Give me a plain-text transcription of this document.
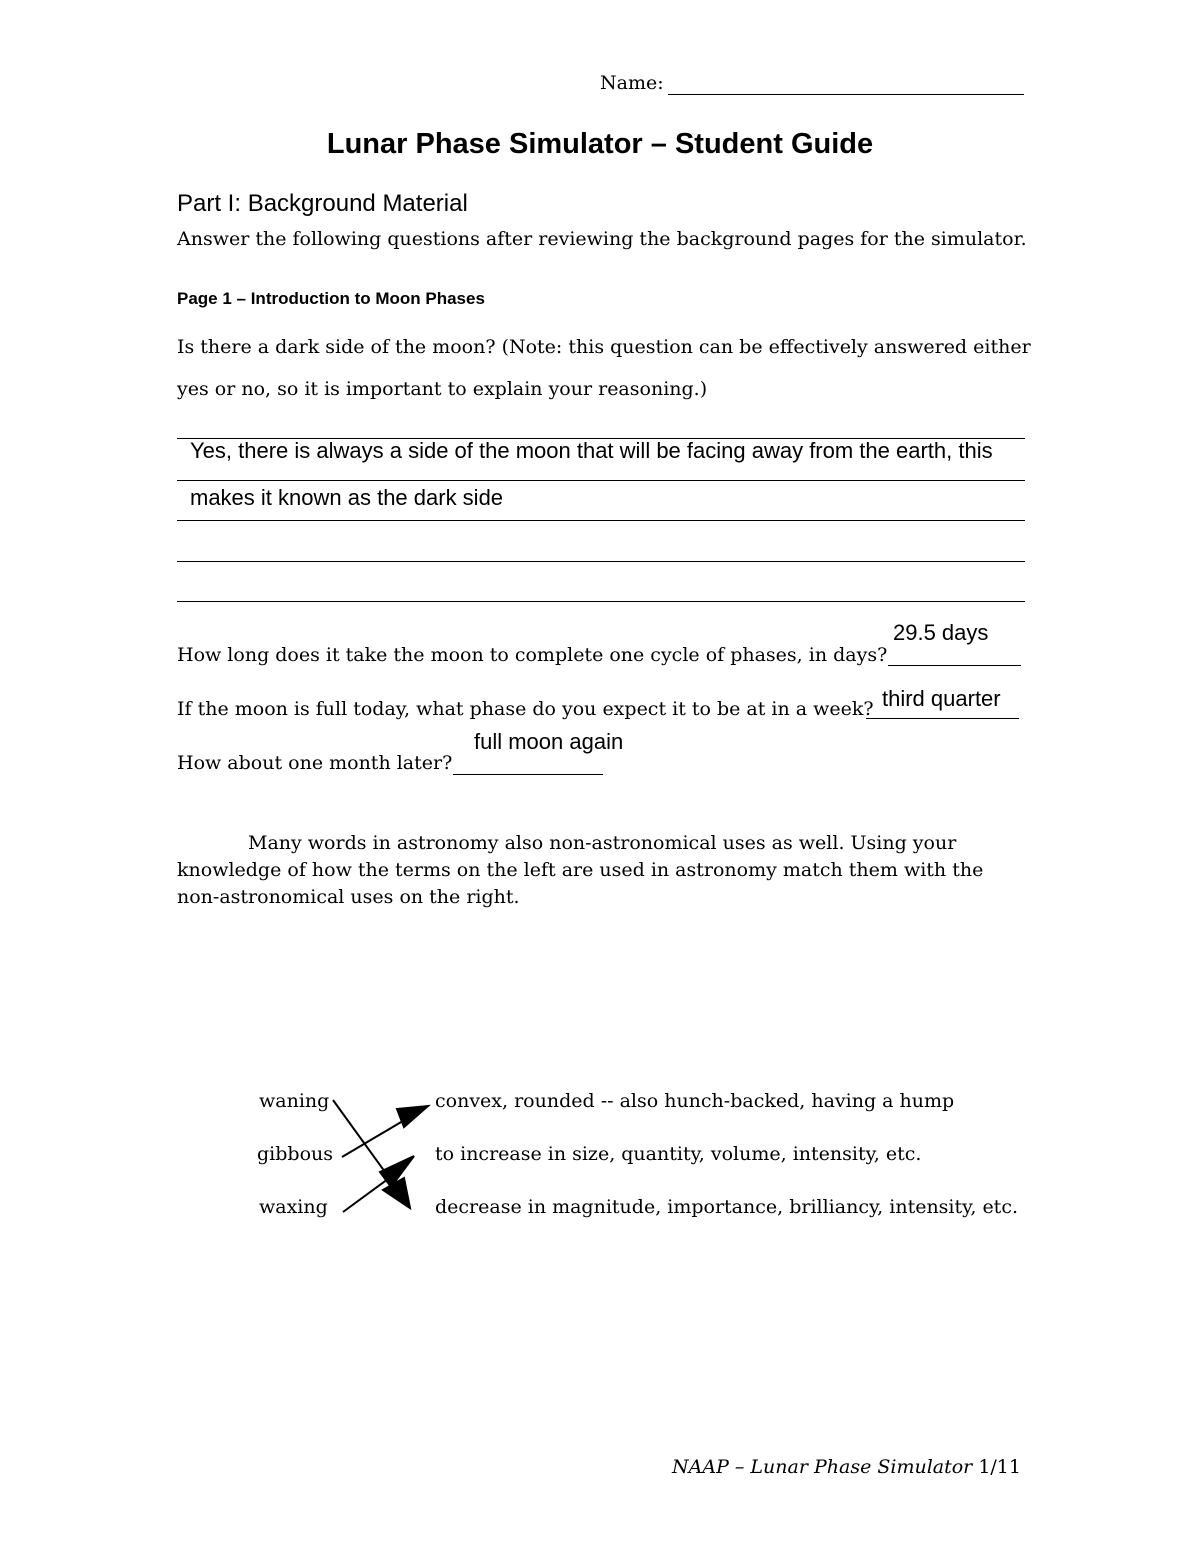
Name:
Lunar Phase Simulator – Student Guide
Part I: Background Material
Answer the following questions after reviewing the background pages for the simulator.
Page 1 – Introduction to Moon Phases
Is there a dark side of the moon? (Note: this question can be effectively answered either
yes or no, so it is important to explain your reasoning.)
Yes, there is always a side of the moon that will be facing away from the earth, this
makes it known as the dark side
29.5 days
How long does it take the moon to complete one cycle of phases, in days?
third quarter
If the moon is full today, what phase do you expect it to be at in a week?
full moon again
How about one month later?
Many words in astronomy also non-astronomical uses as well. Using your knowledge of how the terms on the left are used in astronomy match them with the non-astronomical uses on the right.
waning
gibbous
waxing
convex, rounded -- also hunch-backed, having a hump
to increase in size, quantity, volume, intensity, etc.
decrease in magnitude, importance, brilliancy, intensity, etc.
NAAP – Lunar Phase Simulator 1/11
